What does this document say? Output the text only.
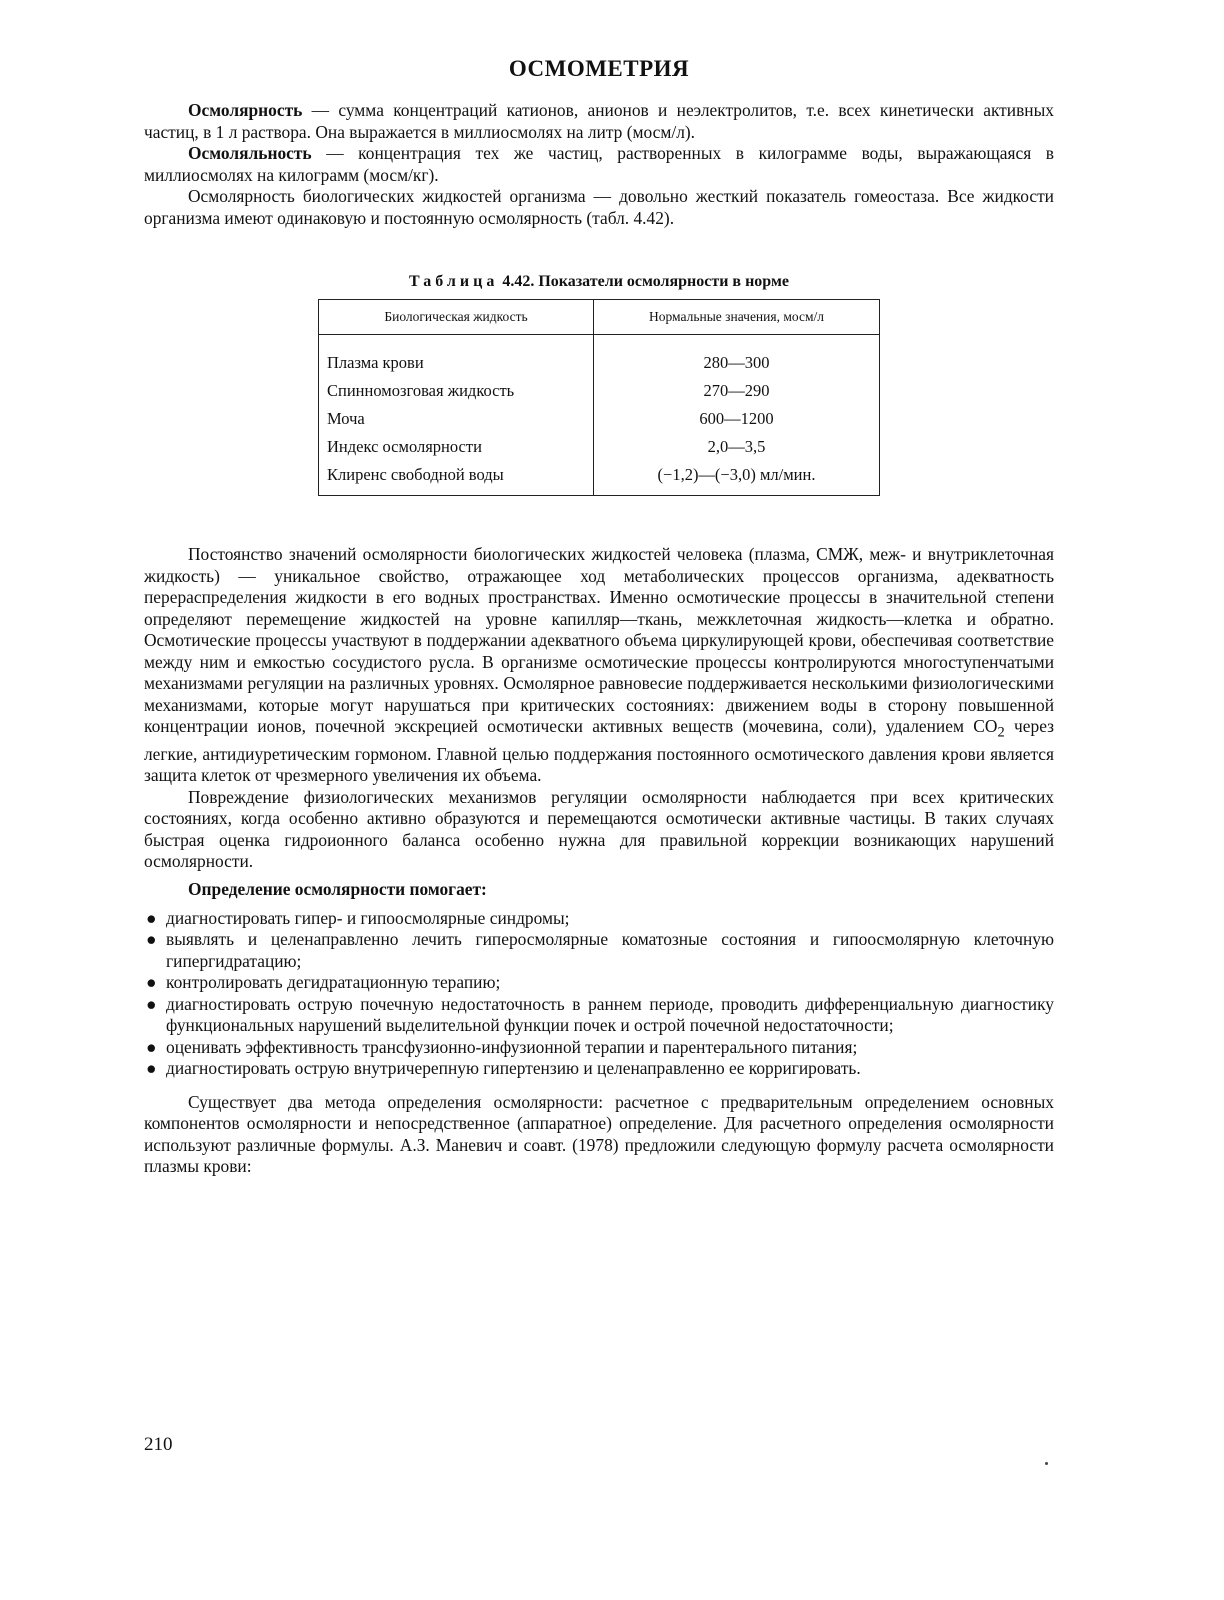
ОСМОМЕТРИЯ

Осмолярность — сумма концентраций катионов, анионов и неэлектролитов, т.е. всех кинетически активных частиц, в 1 л раствора. Она выражается в миллиосмолях на литр (мосм/л).

Осмоляльность — концентрация тех же частиц, растворенных в килограмме воды, выражающаяся в миллиосмолях на килограмм (мосм/кг).

Осмолярность биологических жидкостей организма — довольно жесткий показатель гомеостаза. Все жидкости организма имеют одинаковую и постоянную осмолярность (табл. 4.42).

Таблица 4.42. Показатели осмолярности в норме
Биологическая жидкость	Нормальные значения, мосм/л
Плазма крови	280—300
Спинномозговая жидкость	270—290
Моча	600—1200
Индекс осмолярности	2,0—3,5
Клиренс свободной воды	(−1,2)—(−3,0) мл/мин.

Постоянство значений осмолярности биологических жидкостей человека (плазма, СМЖ, меж- и внутриклеточная жидкость) — уникальное свойство, отражающее ход метаболических процессов организма, адекватность перераспределения жидкости в его водных пространствах. Именно осмотические процессы в значительной степени определяют перемещение жидкостей на уровне капилляр—ткань, межклеточная жидкость—клетка и обратно. Осмотические процессы участвуют в поддержании адекватного объема циркулирующей крови, обеспечивая соответствие между ним и емкостью сосудистого русла. В организме осмотические процессы контролируются многоступенчатыми механизмами регуляции на различных уровнях. Осмолярное равновесие поддерживается несколькими физиологическими механизмами, которые могут нарушаться при критических состояниях: движением воды в сторону повышенной концентрации ионов, почечной экскрецией осмотически активных веществ (мочевина, соли), удалением $CO_2$ через легкие, антидиуретическим гормоном. Главной целью поддержания постоянного осмотического давления крови является защита клеток от чрезмерного увеличения их объема.

Повреждение физиологических механизмов регуляции осмолярности наблюдается при всех критических состояниях, когда особенно активно образуются и перемещаются осмотически активные частицы. В таких случаях быстрая оценка гидроионного баланса особенно нужна для правильной коррекции возникающих нарушений осмолярности.

Определение осмолярности помогает:
● диагностировать гипер- и гипоосмолярные синдромы;
● выявлять и целенаправленно лечить гиперосмолярные коматозные состояния и гипоосмолярную клеточную гипергидратацию;
● контролировать дегидратационную терапию;
● диагностировать острую почечную недостаточность в раннем периоде, проводить дифференциальную диагностику функциональных нарушений выделительной функции почек и острой почечной недостаточности;
● оценивать эффективность трансфузионно-инфузионной терапии и парентерального питания;
● диагностировать острую внутричерепную гипертензию и целенаправленно ее корригировать.

Существует два метода определения осмолярности: расчетное с предварительным определением основных компонентов осмолярности и непосредственное (аппаратное) определение. Для расчетного определения осмолярности используют различные формулы. А.З. Маневич и соавт. (1978) предложили следующую формулу расчета осмолярности плазмы крови:

210
